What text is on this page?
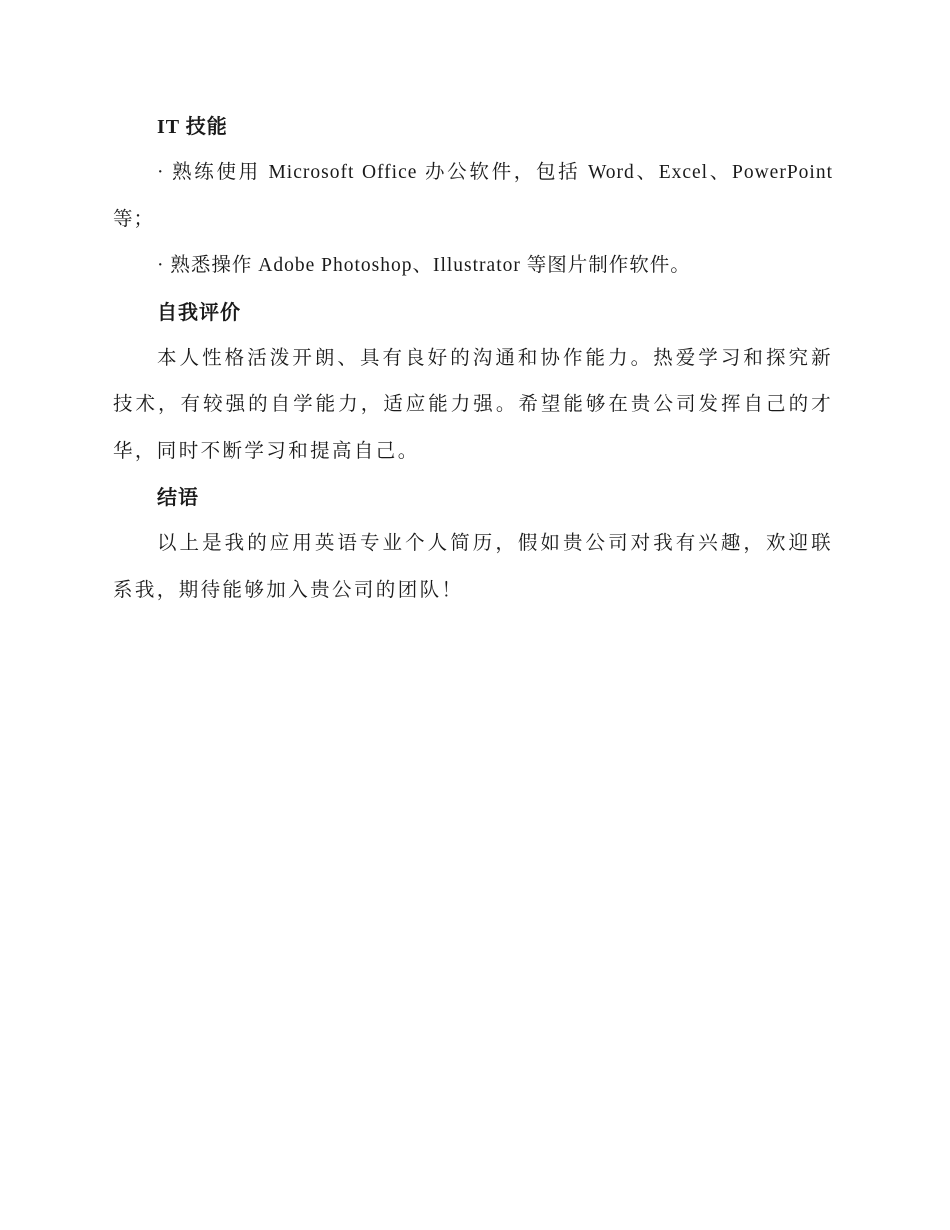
IT 技能

· 熟练使用 Microsoft Office 办公软件，包括 Word、Excel、PowerPoint 等；

· 熟悉操作 Adobe Photoshop、Illustrator 等图片制作软件。

自我评价

本人性格活泼开朗、具有良好的沟通和协作能力。热爱学习和探究新技术，有较强的自学能力，适应能力强。希望能够在贵公司发挥自己的才华，同时不断学习和提高自己。

结语

以上是我的应用英语专业个人简历，假如贵公司对我有兴趣，欢迎联系我，期待能够加入贵公司的团队！
